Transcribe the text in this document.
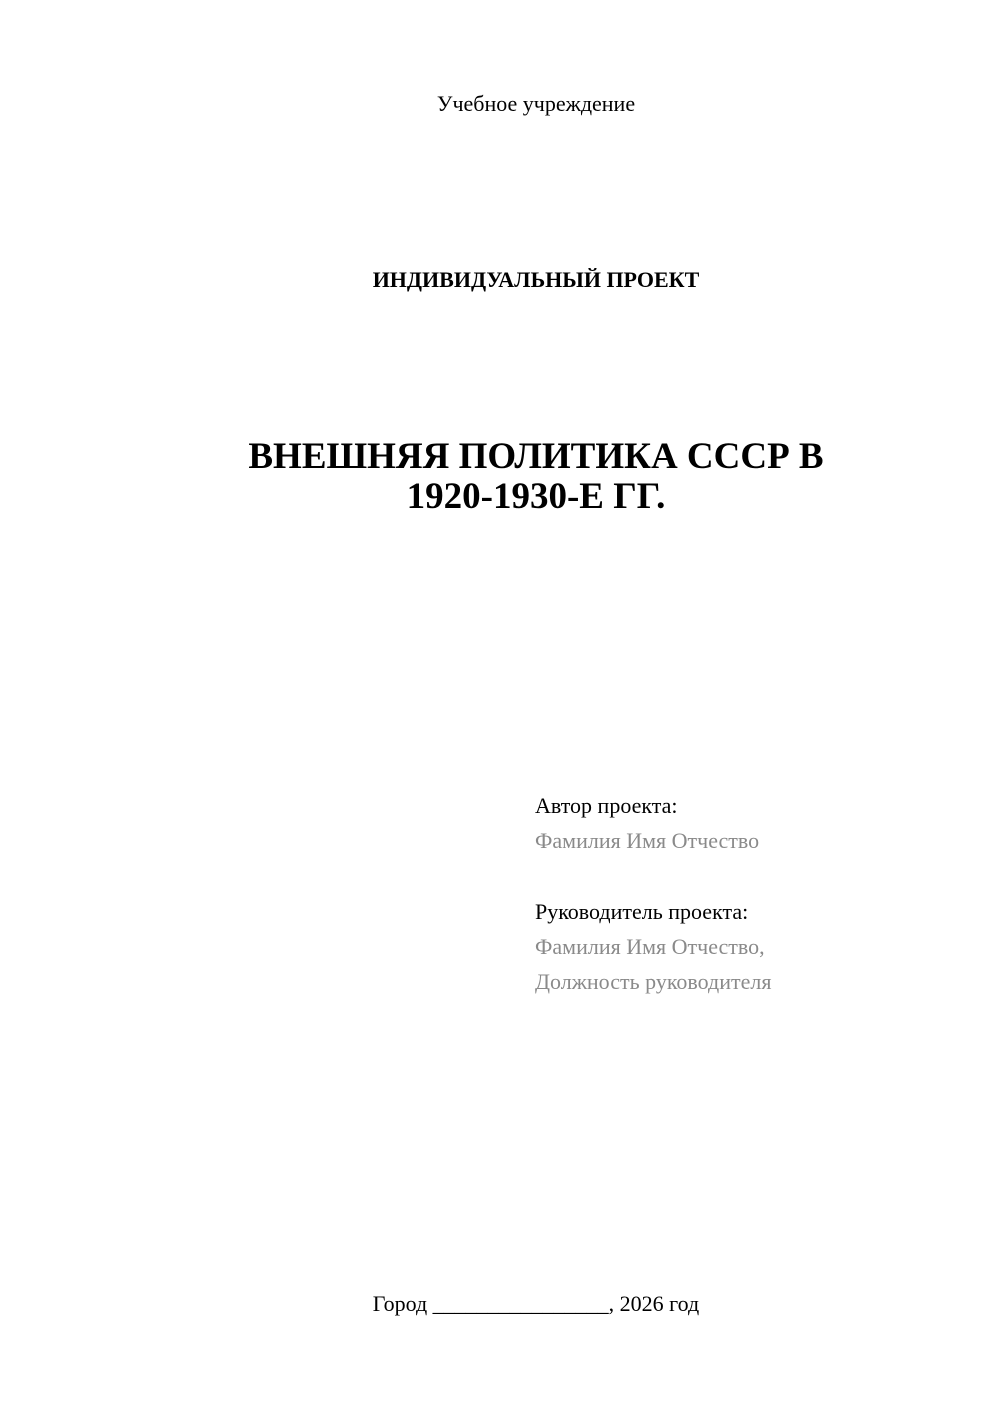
Учебное учреждение
ИНДИВИДУАЛЬНЫЙ ПРОЕКТ
ВНЕШНЯЯ ПОЛИТИКА СССР В
1920-1930-Е ГГ.
Автор проекта:
Фамилия Имя Отчество
Руководитель проекта:
Фамилия Имя Отчество,
Должность руководителя
Город ________________, 2026 год
